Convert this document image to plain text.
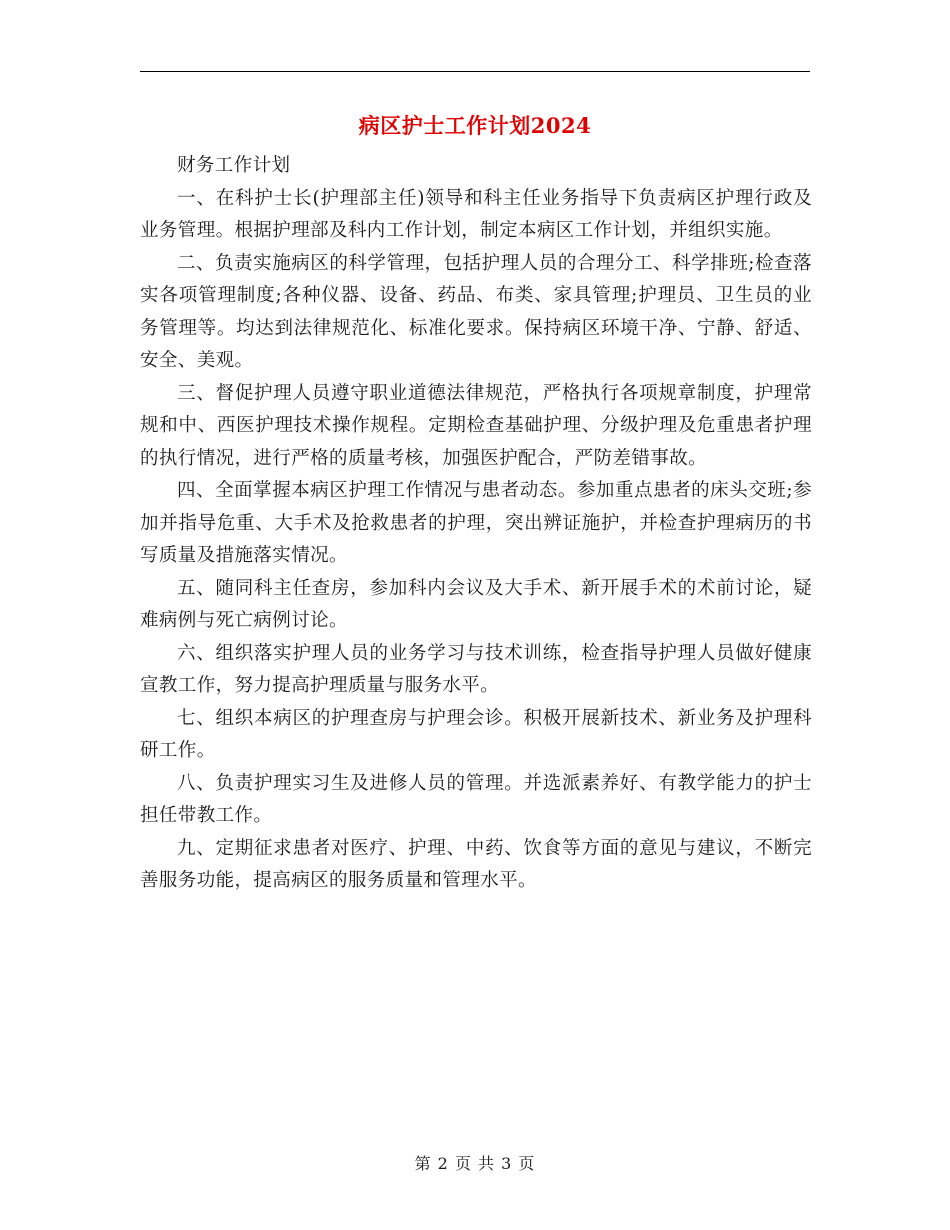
病区护士工作计划2024

财务工作计划

一、在科护士长(护理部主任)领导和科主任业务指导下负责病区护理行政及业务管理。根据护理部及科内工作计划，制定本病区工作计划，并组织实施。

二、负责实施病区的科学管理，包括护理人员的合理分工、科学排班;检查落实各项管理制度;各种仪器、设备、药品、布类、家具管理;护理员、卫生员的业务管理等。均达到法律规范化、标准化要求。保持病区环境干净、宁静、舒适、安全、美观。

三、督促护理人员遵守职业道德法律规范，严格执行各项规章制度，护理常规和中、西医护理技术操作规程。定期检查基础护理、分级护理及危重患者护理的执行情况，进行严格的质量考核，加强医护配合，严防差错事故。

四、全面掌握本病区护理工作情况与患者动态。参加重点患者的床头交班;参加并指导危重、大手术及抢救患者的护理，突出辨证施护，并检查护理病历的书写质量及措施落实情况。

五、随同科主任查房，参加科内会议及大手术、新开展手术的术前讨论，疑难病例与死亡病例讨论。

六、组织落实护理人员的业务学习与技术训练，检查指导护理人员做好健康宣教工作，努力提高护理质量与服务水平。

七、组织本病区的护理查房与护理会诊。积极开展新技术、新业务及护理科研工作。

八、负责护理实习生及进修人员的管理。并选派素养好、有教学能力的护士担任带教工作。

九、定期征求患者对医疗、护理、中药、饮食等方面的意见与建议，不断完善服务功能，提高病区的服务质量和管理水平。

第 2 页 共 3 页
